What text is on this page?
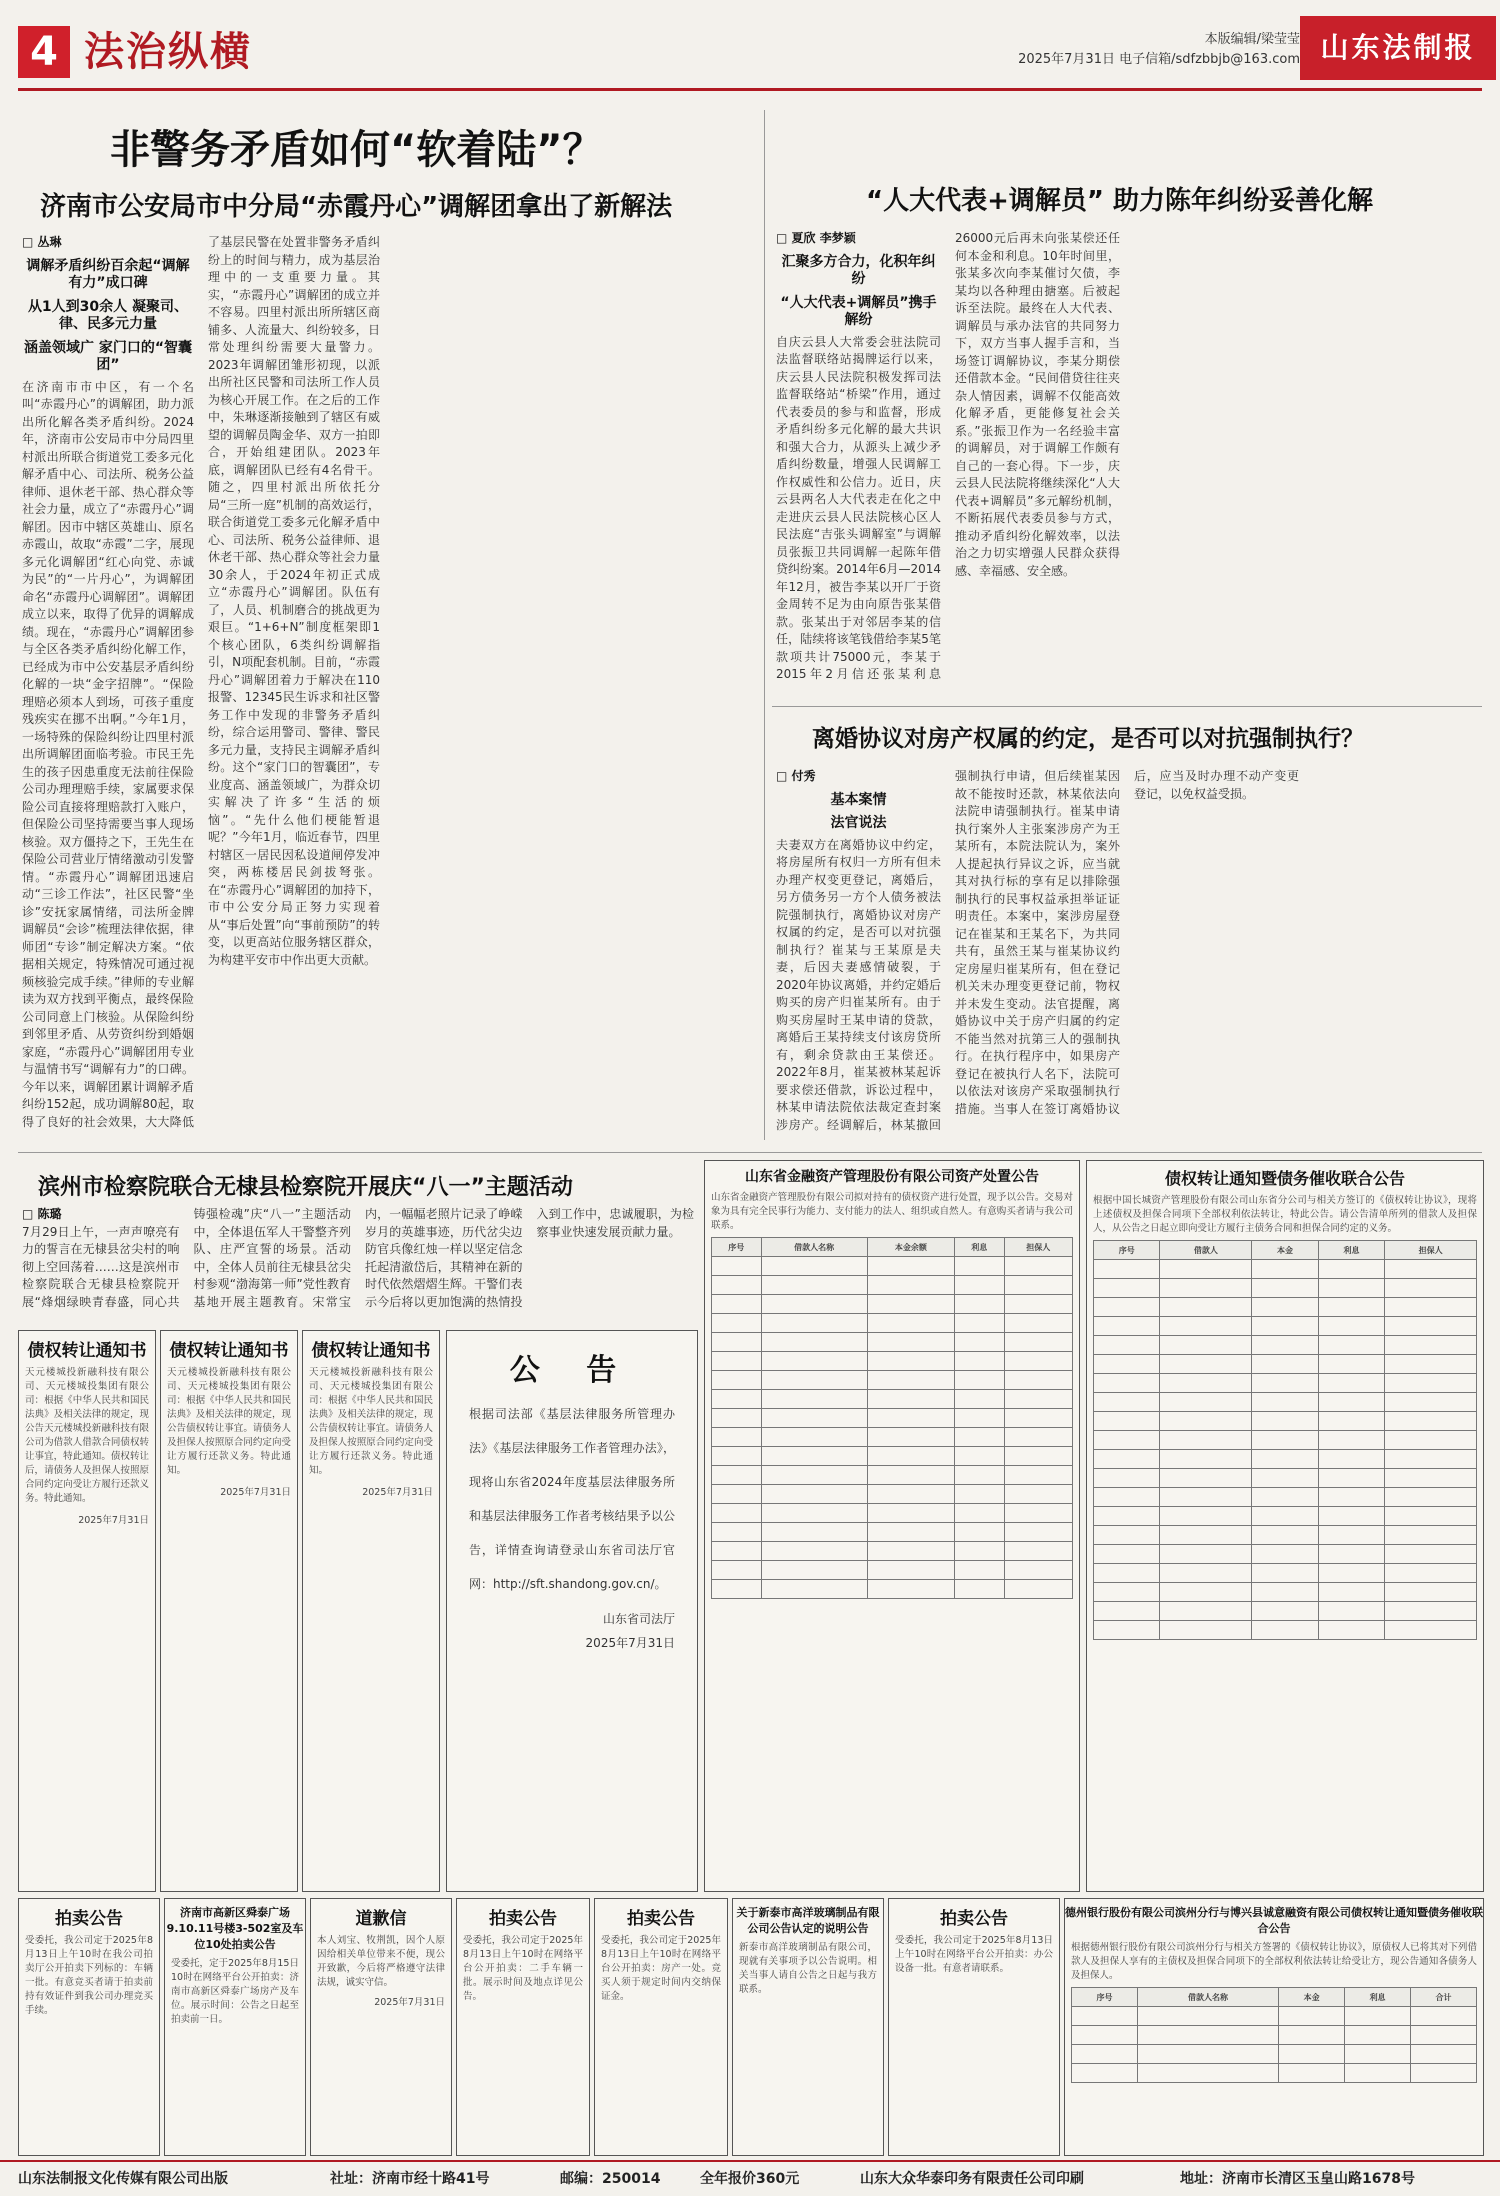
4 法治纵横	本版编辑/梁莹莹
2025年7月31日 电子信箱/sdfzbbjb@163.com 山东法制报
非警务矛盾如何“软着陆”？
济南市公安局市中分局“赤霞丹心”调解团拿出了新解法
□ 丛琳
调解矛盾纠纷百余起“调解有力”成口碑
从1人到30余人 凝聚司、律、民多元力量
涵盖领域广 家门口的“智囊团”
在济南市市中区，有一个名叫“赤霞丹心”的调解团，助力派出所化解各类矛盾纠纷。2024年，济南市公安局市中分局四里村派出所联合街道党工委多元化解矛盾中心、司法所、税务公益律师、退休老干部、热心群众等社会力量，成立了“赤霞丹心”调解团。因市中辖区英雄山、原名赤霞山，故取“赤霞”二字，展现多元化调解团“红心向党、赤诚为民”的“一片丹心”，为调解团命名“赤霞丹心调解团”。调解团成立以来，取得了优异的调解成绩。现在，“赤霞丹心”调解团参与全区各类矛盾纠纷化解工作，已经成为市中公安基层矛盾纠纷化解的一块“金字招牌”。“保险理赔必须本人到场，可孩子重度残疾实在挪不出啊。”今年1月，一场特殊的保险纠纷让四里村派出所调解团面临考验。市民王先生的孩子因患重度无法前往保险公司办理理赔手续，家属要求保险公司直接将理赔款打入账户，但保险公司坚持需要当事人现场核验。双方僵持之下，王先生在保险公司营业厅情绪激动引发警情。“赤霞丹心”调解团迅速启动“三诊工作法”，社区民警“坐诊”安抚家属情绪，司法所金牌调解员“会诊”梳理法律依据，律师团“专诊”制定解决方案。“依据相关规定，特殊情况可通过视频核验完成手续。”律师的专业解读为双方找到平衡点，最终保险公司同意上门核验。从保险纠纷到邻里矛盾、从劳资纠纷到婚姻家庭，“赤霞丹心”调解团用专业与温情书写“调解有力”的口碑。今年以来，调解团累计调解矛盾纠纷152起，成功调解80起，取得了良好的社会效果，大大降低了基层民警在处置非警务矛盾纠纷上的时间与精力，成为基层治理中的一支重要力量。其实，“赤霞丹心”调解团的成立并不容易。四里村派出所所辖区商铺多、人流量大、纠纷较多，日常处理纠纷需要大量警力。2023年调解团雏形初现，以派出所社区民警和司法所工作人员为核心开展工作。在之后的工作中，朱琳逐渐接触到了辖区有威望的调解员陶金华、双方一拍即合，开始组建团队。2023年底，调解团队已经有4名骨干。随之，四里村派出所依托分局“三所一庭”机制的高效运行，联合街道党工委多元化解矛盾中心、司法所、税务公益律师、退休老干部、热心群众等社会力量30余人，于2024年初正式成立“赤霞丹心”调解团。队伍有了，人员、机制磨合的挑战更为艰巨。“1+6+N”制度框架即1个核心团队，6类纠纷调解指引，N项配套机制。目前，“赤霞丹心”调解团着力于解决在110报警、12345民生诉求和社区警务工作中发现的非警务矛盾纠纷，综合运用警司、警律、警民多元力量，支持民主调解矛盾纠纷。这个“家门口的智囊团”，专业度高、涵盖领域广，为群众切实解决了许多“生活的烦恼”。“先什么他们梗能暂退呢？”今年1月，临近春节，四里村辖区一居民因私设道闸停发冲突，两栋楼居民剑拔弩张。在“赤霞丹心”调解团的加持下，市中公安分局正努力实现着从“事后处置”向“事前预防”的转变，以更高站位服务辖区群众，为构建平安市中作出更大贡献。
“人大代表+调解员” 助力陈年纠纷妥善化解
□ 夏欣 李梦颖
汇聚多方合力，化积年纠纷
“人大代表+调解员”携手解纷
自庆云县人大常委会驻法院司法监督联络站揭牌运行以来，庆云县人民法院积极发挥司法监督联络站“桥梁”作用，通过代表委员的参与和监督，形成矛盾纠纷多元化解的最大共识和强大合力，从源头上减少矛盾纠纷数量，增强人民调解工作权威性和公信力。近日，庆云县两名人大代表走在化之中走进庆云县人民法院核心区人民法庭“吉张头调解室”与调解员张振卫共同调解一起陈年借贷纠纷案。2014年6月—2014年12月，被告李某以开厂于资金周转不足为由向原告张某借款。张某出于对邻居李某的信任，陆续将该笔钱借给李某5笔款项共计75000元，李某于2015年2月信还张某利息26000元后再未向张某偿还任何本金和利息。10年时间里，张某多次向李某催讨欠债，李某均以各种理由搪塞。后被起诉至法院。最终在人大代表、调解员与承办法官的共同努力下，双方当事人握手言和，当场签订调解协议，李某分期偿还借款本金。“民间借贷往往夹杂人情因素，调解不仅能高效化解矛盾，更能修复社会关系。”张振卫作为一名经验丰富的调解员，对于调解工作颇有自己的一套心得。下一步，庆云县人民法院将继续深化“人大代表+调解员”多元解纷机制，不断拓展代表委员参与方式，推动矛盾纠纷化解效率，以法治之力切实增强人民群众获得感、幸福感、安全感。
离婚协议对房产权属的约定，是否可以对抗强制执行？
□ 付秀
基本案情
法官说法
夫妻双方在离婚协议中约定，将房屋所有权归一方所有但未办理产权变更登记，离婚后，另方债务另一方个人债务被法院强制执行，离婚协议对房产权属的约定，是否可以对抗强制执行？崔某与王某原是夫妻，后因夫妻感情破裂，于2020年协议离婚，并约定婚后购买的房产归崔某所有。由于购买房屋时王某申请的贷款，离婚后王某持续支付该房贷所有，剩余贷款由王某偿还。2022年8月，崔某被林某起诉要求偿还借款，诉讼过程中，林某申请法院依法裁定查封案涉房产。经调解后，林某撤回强制执行申请，但后续崔某因故不能按时还款，林某依法向法院申请强制执行。崔某申请执行案外人主张案涉房产为王某所有，本院法院认为，案外人提起执行异议之诉，应当就其对执行标的享有足以排除强制执行的民事权益承担举证证明责任。本案中，案涉房屋登记在崔某和王某名下，为共同共有，虽然王某与崔某协议约定房屋归崔某所有，但在登记机关未办理变更登记前，物权并未发生变动。法官提醒，离婚协议中关于房产归属的约定不能当然对抗第三人的强制执行。在执行程序中，如果房产登记在被执行人名下，法院可以依法对该房产采取强制执行措施。当事人在签订离婚协议后，应当及时办理不动产变更登记，以免权益受损。
滨州市检察院联合无棣县检察院开展庆“八一”主题活动
□ 陈璐
7月29日上午，一声声嘹亮有力的誓言在无棣县岔尖村的响彻上空回荡着……这是滨州市检察院联合无棣县检察院开展“烽烟绿映青春盛，同心共铸强检魂”庆“八一”主题活动中，全体退伍军人干警整齐列队、庄严宣誓的场景。活动中，全体人员前往无棣县岔尖村参观“渤海第一师”党性教育基地开展主题教育。宋常宝内，一幅幅老照片记录了峥嵘岁月的英雄事迹，历代岔尖边防官兵像红烛一样以坚定信念托起清澈岱后，其精神在新的时代依然熠熠生辉。干警们表示今后将以更加饱满的热情投入到工作中，忠诚履职，为检察事业快速发展贡献力量。
债权转让通知书
天元楼城投新融科技有限公司、天元楼城投集团有限公司：根据《中华人民共和国民法典》及相关法律的规定，现公告天元楼城投新融科技有限公司为借款人借款合同债权转让事宜，特此通知。债权转让后，请债务人及担保人按照原合同约定向受让方履行还款义务。特此通知。
2025年7月31日
债权转让通知书
天元楼城投新融科技有限公司、天元楼城投集团有限公司：根据《中华人民共和国民法典》及相关法律的规定，现公告债权转让事宜。请债务人及担保人按照原合同约定向受让方履行还款义务。特此通知。
2025年7月31日
债权转让通知书
天元楼城投新融科技有限公司、天元楼城投集团有限公司：根据《中华人民共和国民法典》及相关法律的规定，现公告债权转让事宜。请债务人及担保人按照原合同约定向受让方履行还款义务。特此通知。
2025年7月31日
公 告
根据司法部《基层法律服务所管理办法》《基层法律服务工作者管理办法》，现将山东省2024年度基层法律服务所和基层法律服务工作者考核结果予以公告，详情查询请登录山东省司法厅官网：http://sft.shandong.gov.cn/。
山东省司法厅
2025年7月31日
山东省金融资产管理股份有限公司资产处置公告
山东省金融资产管理股份有限公司拟对持有的债权资产进行处置，现予以公告。交易对象为具有完全民事行为能力、支付能力的法人、组织或自然人。有意购买者请与我公司联系。
序号	借款人名称	本金余额	利息	担保人

债权转让通知暨债务催收联合公告
根据中国长城资产管理股份有限公司山东省分公司与相关方签订的《债权转让协议》，现将上述债权及担保合同项下全部权利依法转让，特此公告。请公告清单所列的借款人及担保人，从公告之日起立即向受让方履行主债务合同和担保合同约定的义务。
序号	借款人	本金	利息	担保人

拍卖公告
受委托，我公司定于2025年8月13日上午10时在我公司拍卖厅公开拍卖下列标的：车辆一批。有意竞买者请于拍卖前持有效证件到我公司办理竞买手续。
济南市高新区舜泰广场9.10.11号楼3-502室及车位10处拍卖公告
受委托，定于2025年8月15日10时在网络平台公开拍卖：济南市高新区舜泰广场房产及车位。展示时间：公告之日起至拍卖前一日。
道歉信
本人刘宝、牧荆凯，因个人原因给相关单位带来不便，现公开致歉，今后将严格遵守法律法规，诚实守信。
2025年7月31日
拍卖公告
受委托，我公司定于2025年8月13日上午10时在网络平台公开拍卖：二手车辆一批。展示时间及地点详见公告。
拍卖公告
受委托，我公司定于2025年8月13日上午10时在网络平台公开拍卖：房产一处。竞买人须于规定时间内交纳保证金。
关于新泰市高洋玻璃制品有限公司公告认定的说明公告
新泰市高洋玻璃制品有限公司，现就有关事项予以公告说明。相关当事人请自公告之日起与我方联系。
拍卖公告
受委托，我公司定于2025年8月13日上午10时在网络平台公开拍卖：办公设备一批。有意者请联系。
德州银行股份有限公司滨州分行与博兴县诚意融资有限公司债权转让通知暨债务催收联合公告
根据德州银行股份有限公司滨州分行与相关方签署的《债权转让协议》，原债权人已将其对下列借款人及担保人享有的主债权及担保合同项下的全部权利依法转让给受让方，现公告通知各债务人及担保人。
序号	借款人名称	本金	利息	合计

山东法制报文化传媒有限公司出版	社址：济南市经十路41号	邮编：250014	全年报价360元	山东大众华泰印务有限责任公司印刷	地址：济南市长清区玉皇山路1678号
